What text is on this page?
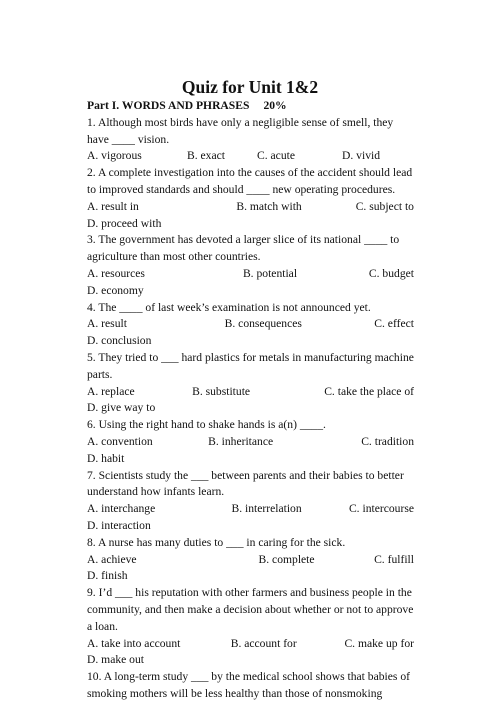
Quiz for Unit 1&2
Part I. WORDS AND PHRASES 20%
1. Although most birds have only a negligible sense of smell, they
have ____ vision.
A. vigorous	B. exact	C. acute	D. vivid
2. A complete investigation into the causes of the accident should lead
to improved standards and should ____ new operating procedures.
A. result in	B. match with	C. subject to
D. proceed with
3. The government has devoted a larger slice of its national ____ to
agriculture than most other countries.
A. resources	B. potential	C. budget
D. economy
4. The ____ of last week’s examination is not announced yet.
A. result	B. consequences	C. effect
D. conclusion
5. They tried to ___ hard plastics for metals in manufacturing machine
parts.
A. replace	B. substitute	C. take the place of
D. give way to
6. Using the right hand to shake hands is a(n) ____.
A. convention	B. inheritance	C. tradition
D. habit
7. Scientists study the ___ between parents and their babies to better
understand how infants learn.
A. interchange	B. interrelation	C. intercourse
D. interaction
8. A nurse has many duties to ___ in caring for the sick.
A. achieve	B. complete	C. fulfill
D. finish
9. I’d ___ his reputation with other farmers and business people in the
community, and then make a decision about whether or not to approve
a loan.
A. take into account	B. account for	C. make up for
D. make out
10. A long-term study ___ by the medical school shows that babies of
smoking mothers will be less healthy than those of nonsmoking
